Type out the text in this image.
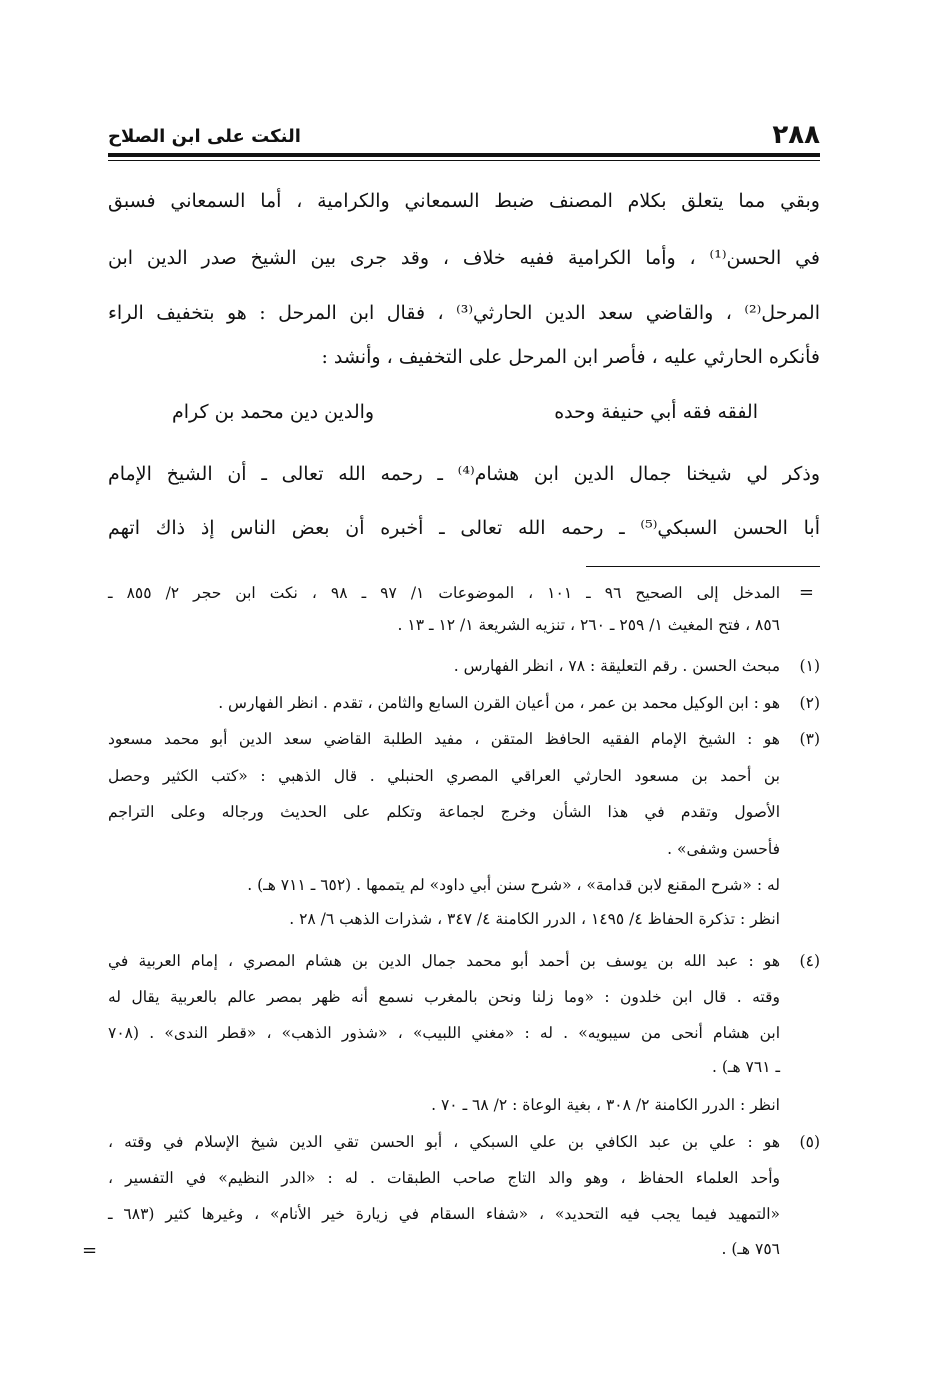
٢٨٨
النكت على ابن الصلاح
وبقي مما يتعلق بكلام المصنف ضبط السمعاني والكرامية ، أما السمعاني فسبق
في الحسن⁽¹⁾ ، وأما الكرامية ففيه خلاف ، وقد جرى بين الشيخ صدر الدين ابن
المرحل⁽²⁾ ، والقاضي سعد الدين الحارثي⁽³⁾ ، فقال ابن المرحل : هو بتخفيف الراء
فأنكره الحارثي عليه ، فأصر ابن المرحل على التخفيف ، وأنشد :
الفقه فقه أبي حنيفة وحده
والدين دين محمد بن كرام
وذكر لي شيخنا جمال الدين ابن هشام⁽⁴⁾ ـ رحمه الله تعالى ـ أن الشيخ الإمام
أبا الحسن السبكي⁽⁵⁾ ـ رحمه الله تعالى ـ أخبره أن بعض الناس إذ ذاك اتهم
=
المدخل إلى الصحيح ٩٦ ـ ١٠١ ، الموضوعات ١/ ٩٧ ـ ٩٨ ، نكت ابن حجر ٢/ ٨٥٥ ـ
٨٥٦ ، فتح المغيث ١/ ٢٥٩ ـ ٢٦٠ ، تنزيه الشريعة ١/ ١٢ ـ ١٣ .
(١)
مبحث الحسن . رقم التعليقة : ٧٨ ، انظر الفهارس .
(٢)
هو : ابن الوكيل محمد بن عمر ، من أعيان القرن السابع والثامن ، تقدم . انظر الفهارس .
(٣)
هو : الشيخ الإمام الفقيه الحافظ المتقن ، مفيد الطلبة القاضي سعد الدين أبو محمد مسعود
بن أحمد بن مسعود الحارثي العراقي المصري الحنبلي . قال الذهبي : «كتب الكثير وحصل
الأصول وتقدم في هذا الشأن وخرج لجماعة وتكلم على الحديث ورجاله وعلى التراجم
فأحسن وشفى» .
له : «شرح المقنع لابن قدامة» ، «شرح سنن أبي داود» لم يتممها . (٦٥٢ ـ ٧١١ هـ) .
انظر : تذكرة الحفاظ ٤/ ١٤٩٥ ، الدرر الكامنة ٤/ ٣٤٧ ، شذرات الذهب ٦/ ٢٨ .
(٤)
هو : عبد الله بن يوسف بن أحمد أبو محمد جمال الدين بن هشام المصري ، إمام العربية في
وقته . قال ابن خلدون : «وما زلنا ونحن بالمغرب نسمع أنه ظهر بمصر عالم بالعربية يقال له
ابن هشام أنحى من سيبويه» . له : «مغني اللبيب» ، «شذور الذهب» ، «قطر الندى» . (٧٠٨
ـ ٧٦١ هـ) .
انظر : الدرر الكامنة ٢/ ٣٠٨ ، بغية الوعاة : ٢/ ٦٨ ـ ٧٠ .
(٥)
هو : علي بن عبد الكافي بن علي السبكي ، أبو الحسن تقي الدين شيخ الإسلام في وقته ،
وأحد العلماء الحفاظ ، وهو والد التاج صاحب الطبقات . له : «الدر النظيم» في التفسير ،
«التمهيد فيما يجب فيه التحديد» ، «شفاء السقام في زيارة خير الأنام» ، وغيرها كثير (٦٨٣ ـ
٧٥٦ هـ) .
=
